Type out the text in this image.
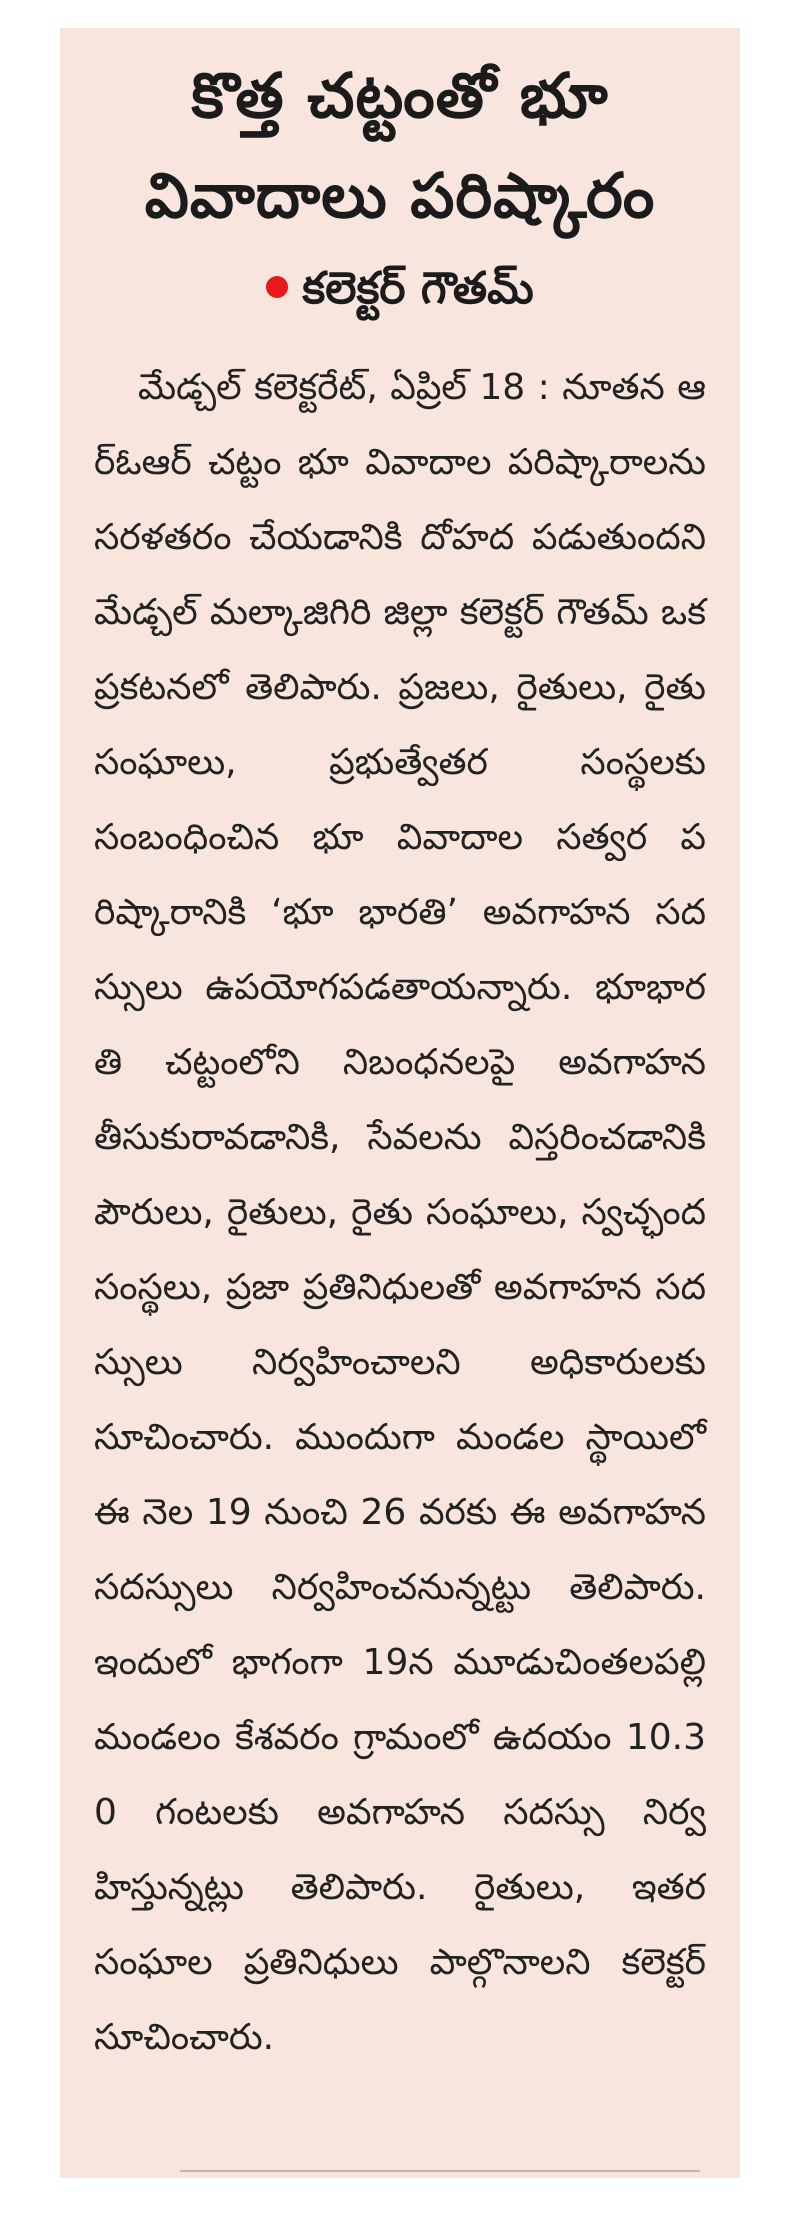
కొత్త చట్టంతో భూ
వివాదాలు పరిష్కారం
కలెక్టర్ గౌతమ్

మేడ్చల్ కలెక్టరేట్, ఏప్రిల్ 18 : నూతన ఆర్ఓఆర్ చట్టం భూ వివాదాల పరిష్కారాలను సరళతరం చేయడానికి దోహద పడుతుందని మేడ్చల్ మల్కాజిగిరి జిల్లా కలెక్టర్ గౌతమ్ ఒక ప్రకటనలో తెలిపారు. ప్రజలు, రైతులు, రైతు సంఘాలు, ప్రభుత్వేతర సంస్థలకు సంబంధించిన భూ వివాదాల సత్వర పరిష్కారానికి ‘భూ భారతి’ అవగాహన సదస్సులు ఉపయోగపడతాయన్నారు. భూభారతి చట్టంలోని నిబంధనలపై అవగాహన తీసుకురావడానికి, సేవలను విస్తరించడానికి పౌరులు, రైతులు, రైతు సంఘాలు, స్వచ్ఛంద సంస్థలు, ప్రజా ప్రతినిధులతో అవగాహన సదస్సులు నిర్వహించాలని అధికారులకు సూచించారు. ముందుగా మండల స్థాయిలో ఈ నెల 19 నుంచి 26 వరకు ఈ అవగాహన సదస్సులు నిర్వహించనున్నట్టు తెలిపారు. ఇందులో భాగంగా 19న మూడుచింతలపల్లి మండలం కేశవరం గ్రామంలో ఉదయం 10.30 గంటలకు అవగాహన సదస్సు నిర్వహిస్తున్నట్లు తెలిపారు. రైతులు, ఇతర సంఘాల ప్రతినిధులు పాల్గొనాలని కలెక్టర్ సూచించారు.
